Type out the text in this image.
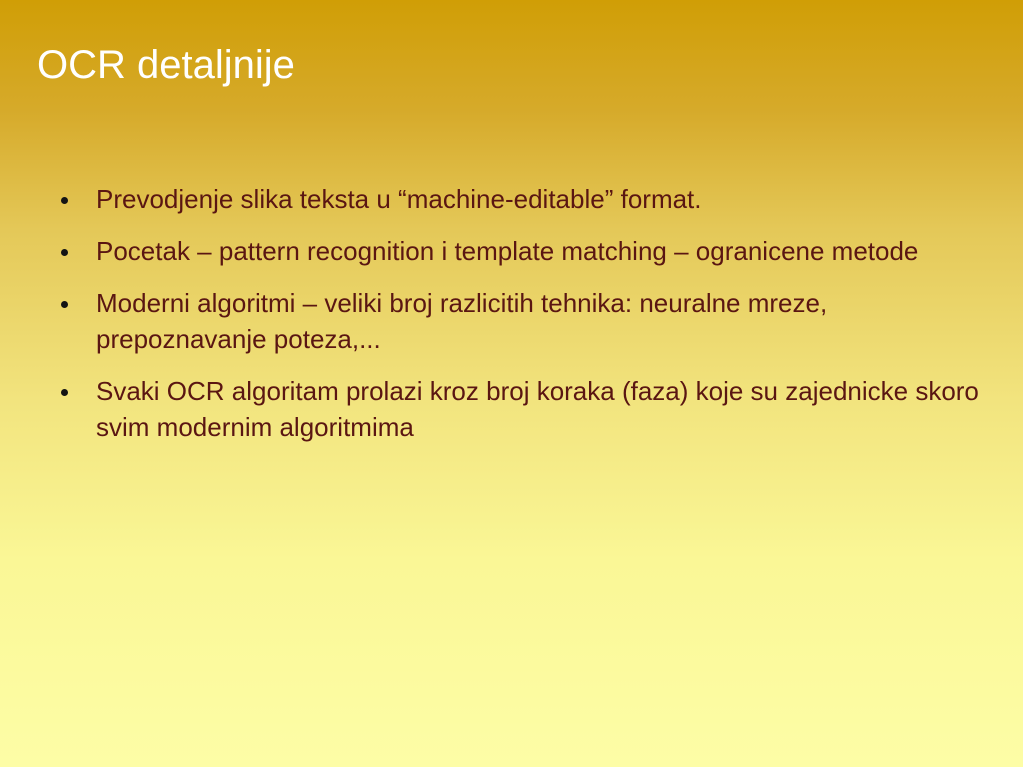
OCR detaljnije
Prevodjenje slika teksta u “machine-editable” format.
Pocetak – pattern recognition i template matching – ogranicene metode
Moderni algoritmi – veliki broj razlicitih tehnika: neuralne mreze, prepoznavanje poteza,...
Svaki OCR algoritam prolazi kroz broj koraka (faza) koje su zajednicke skoro svim modernim algoritmima
